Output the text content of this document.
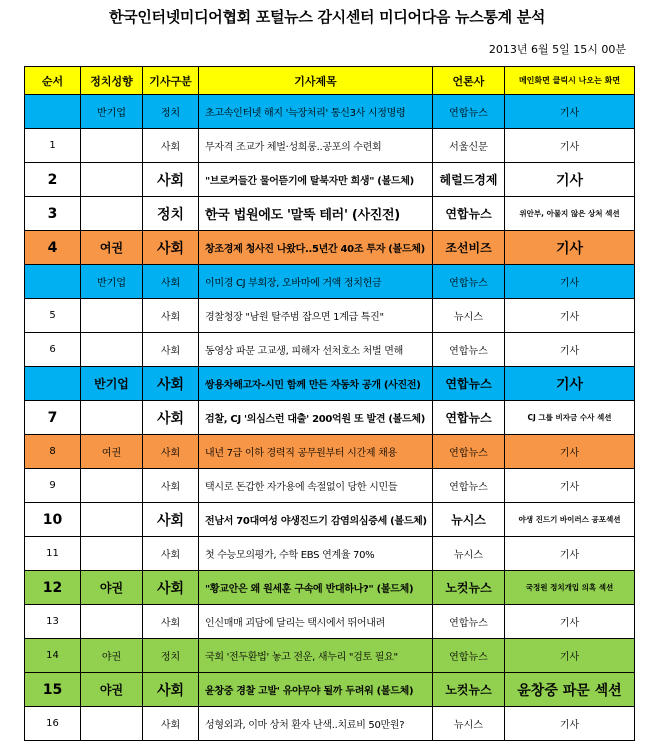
한국인터넷미디어협회 포털뉴스 감시센터 미디어다음 뉴스통계 분석
2013년 6월 5일 15시 00분
순서	정치성향	기사구분	기사제목	언론사	메인화면 클릭시 나오는 화면
	반기업	정치	초고속인터넷 해지 '늑장처리' 통신3사 시정명령	연합뉴스	기사
1		사회	무자격 조교가 체벌·성희롱..공포의 수련회	서울신문	기사
2		사회	"브로커들간 물어뜯기에 탈북자만 희생" (볼드체)	헤럴드경제	기사
3		정치	한국 법원에도 '말뚝 테러' (사진전)	연합뉴스	위안부, 아물지 않은 상처 섹션
4	여권	사회	창조경제 청사진 나왔다..5년간 40조 투자 (볼드체)	조선비즈	기사
	반기업	사회	이미경 CJ 부회장, 오바마에 거액 정치헌금	연합뉴스	기사
5		사회	경찰청장 "남원 탈주범 잡으면 1계급 특진"	뉴시스	기사
6		사회	동영상 파문 고교생, 피해자 선처호소 처벌 면해	연합뉴스	기사
	반기업	사회	쌍용차해고자-시민 함께 만든 자동차 공개 (사진전)	연합뉴스	기사
7		사회	검찰, CJ '의심스런 대출' 200억원 또 발견 (볼드체)	연합뉴스	CJ 그룹 비자금 수사 섹션
8	여권	사회	내년 7급 이하 경력직 공무원부터 시간제 채용	연합뉴스	기사
9		사회	택시로 돈갑한 자가용에 속절없이 당한 시민들	연합뉴스	기사
10		사회	전남서 70대여성 야생진드기 감염의심증세 (볼드체)	뉴시스	야생 진드기 바이러스 공포섹션
11		사회	첫 수능모의평가, 수학 EBS 연계율 70%	뉴시스	기사
12	야권	사회	"황교안은 왜 원세훈 구속에 반대하나?" (볼드체)	노컷뉴스	국정원 정치개입 의혹 섹션
13		사회	인신매매 괴담에 달리는 택시에서 뛰어내려	연합뉴스	기사
14	야권	정치	국회 '전두환법' 놓고 전운, 새누리 "검토 필요"	연합뉴스	기사
15	야권	사회	윤창중 경찰 고발' 유야무야 될까 두려워 (볼드체)	노컷뉴스	윤창중 파문 섹션
16		사회	성형외과, 이마 상처 환자 난색..치료비 50만원?	뉴시스	기사
